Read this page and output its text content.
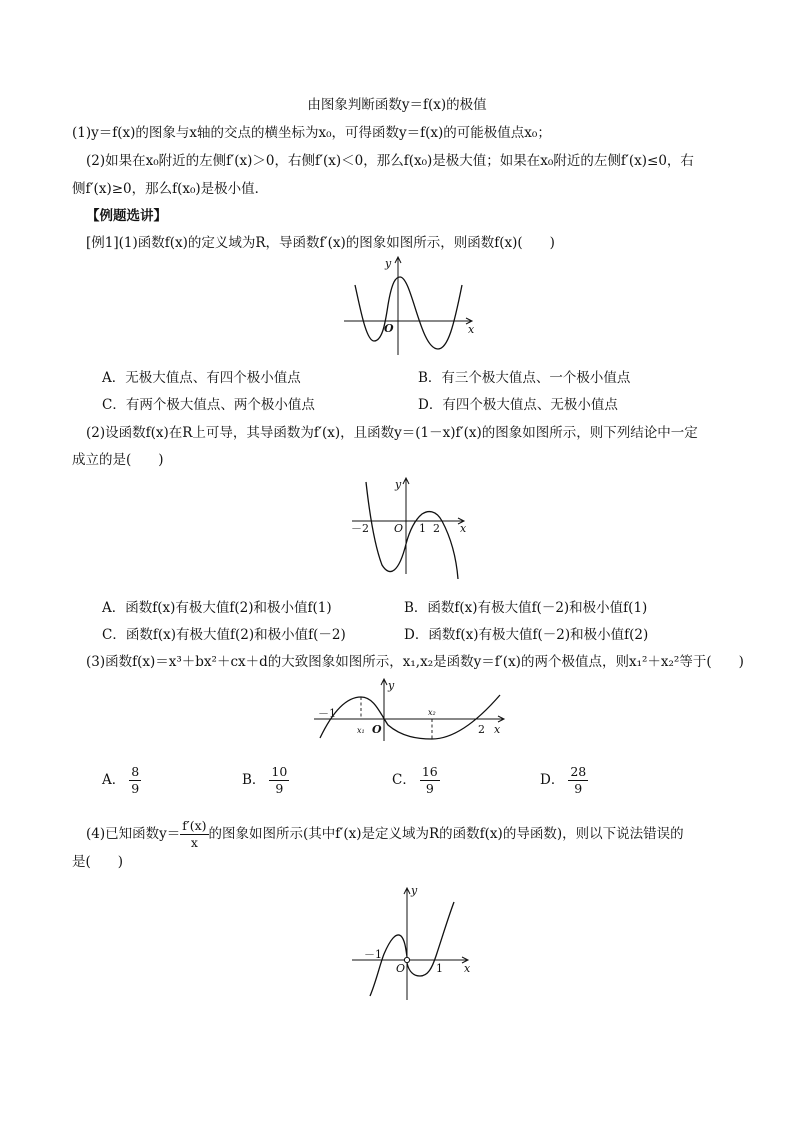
由图象判断函数y＝f(x)的极值
(1)y＝f(x)的图象与x轴的交点的横坐标为x₀，可得函数y＝f(x)的可能极值点x₀；
(2)如果在x₀附近的左侧f′(x)＞0，右侧f′(x)＜0，那么f(x₀)是极大值；如果在x₀附近的左侧f′(x)≤0，右
侧f′(x)≥0，那么f(x₀)是极小值．
【例题选讲】
[例1](1)函数f(x)的定义域为R，导函数f′(x)的图象如图所示，则函数f(x)(　　)
y
O	x
A．无极大值点、有四个极小值点	B．有三个极大值点、一个极小值点
C．有两个极大值点、两个极小值点	D．有四个极大值点、无极小值点
(2)设函数f(x)在R上可导，其导函数为f′(x)，且函数y＝(1－x)f′(x)的图象如图所示，则下列结论中一定
成立的是(　　)
y
－2 O 1 2 x
A．函数f(x)有极大值f(2)和极小值f(1)	B．函数f(x)有极大值f(－2)和极小值f(1)
C．函数f(x)有极大值f(2)和极小值f(－2)	D．函数f(x)有极大值f(－2)和极小值f(2)
(3)函数f(x)＝x³＋bx²＋cx＋d的大致图象如图所示，x₁,x₂是函数y＝f′(x)的两个极值点，则x₁²＋x₂²等于(　　)
y
－1
x₁ O
x₂
2 x
A． $\frac{8}{9}$	B． $\frac{10}{9}$	C． $\frac{16}{9}$	D． $\frac{28}{9}$
(4)已知函数$y= \frac{f'(x)}{x}$ 的图象如图所示(其中f′(x)是定义域为R的函数f(x)的导函数)，则以下说法错误的
是(　　)
y
－1
O	1 x
